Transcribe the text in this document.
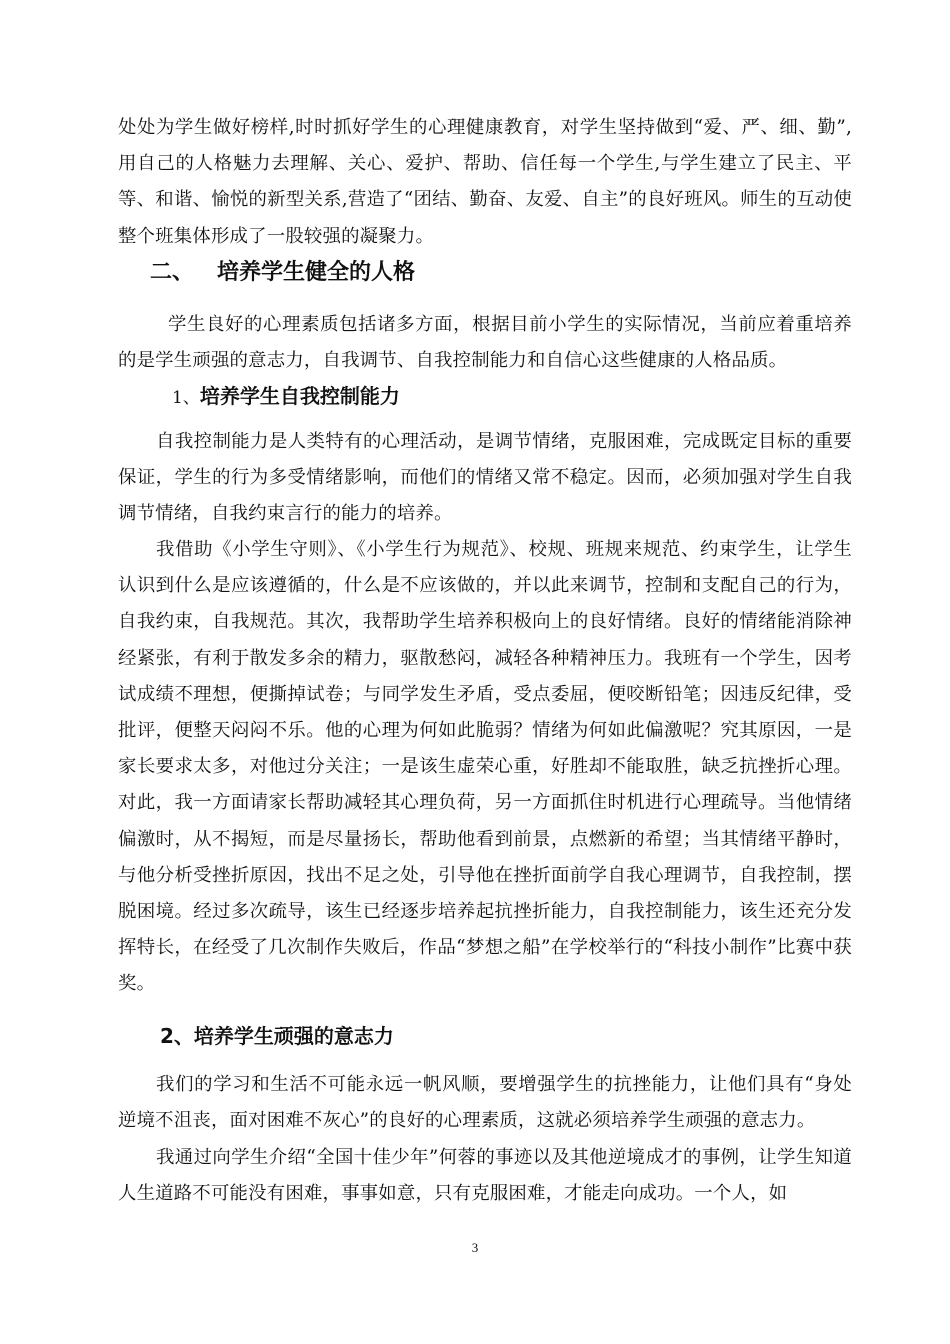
处处为学生做好榜样,时时抓好学生的心理健康教育，对学生坚持做到“爱、严、细、勤”,用自己的人格魅力去理解、关心、爱护、帮助、信任每一个学生,与学生建立了民主、平等、和谐、愉悦的新型关系,营造了“团结、勤奋、友爱、自主”的良好班风。师生的互动使整个班集体形成了一股较强的凝聚力。

二、   培养学生健全的人格

学生良好的心理素质包括诸多方面，根据目前小学生的实际情况，当前应着重培养的是学生顽强的意志力，自我调节、自我控制能力和自信心这些健康的人格品质。

1、培养学生自我控制能力

自我控制能力是人类特有的心理活动，是调节情绪，克服困难，完成既定目标的重要保证，学生的行为多受情绪影响，而他们的情绪又常不稳定。因而，必须加强对学生自我调节情绪，自我约束言行的能力的培养。

我借助《小学生守则》、《小学生行为规范》、校规、班规来规范、约束学生，让学生认识到什么是应该遵循的，什么是不应该做的，并以此来调节，控制和支配自己的行为，自我约束，自我规范。其次，我帮助学生培养积极向上的良好情绪。良好的情绪能消除神经紧张，有利于散发多余的精力，驱散愁闷，减轻各种精神压力。我班有一个学生，因考试成绩不理想，便撕掉试卷；与同学发生矛盾，受点委屈，便咬断铅笔；因违反纪律，受批评，便整天闷闷不乐。他的心理为何如此脆弱？情绪为何如此偏激呢？究其原因，一是家长要求太多，对他过分关注；一是该生虚荣心重，好胜却不能取胜，缺乏抗挫折心理。对此，我一方面请家长帮助减轻其心理负荷，另一方面抓住时机进行心理疏导。当他情绪偏激时，从不揭短，而是尽量扬长，帮助他看到前景，点燃新的希望；当其情绪平静时，与他分析受挫折原因，找出不足之处，引导他在挫折面前学自我心理调节，自我控制，摆脱困境。经过多次疏导，该生已经逐步培养起抗挫折能力，自我控制能力，该生还充分发挥特长，在经受了几次制作失败后，作品“梦想之船”在学校举行的“科技小制作”比赛中获奖。

2、培养学生顽强的意志力

我们的学习和生活不可能永远一帆风顺，要增强学生的抗挫能力，让他们具有“身处逆境不沮丧，面对困难不灰心”的良好的心理素质，这就必须培养学生顽强的意志力。

我通过向学生介绍“全国十佳少年”何蓉的事迹以及其他逆境成才的事例，让学生知道人生道路不可能没有困难，事事如意，只有克服困难，才能走向成功。一个人，如

3
